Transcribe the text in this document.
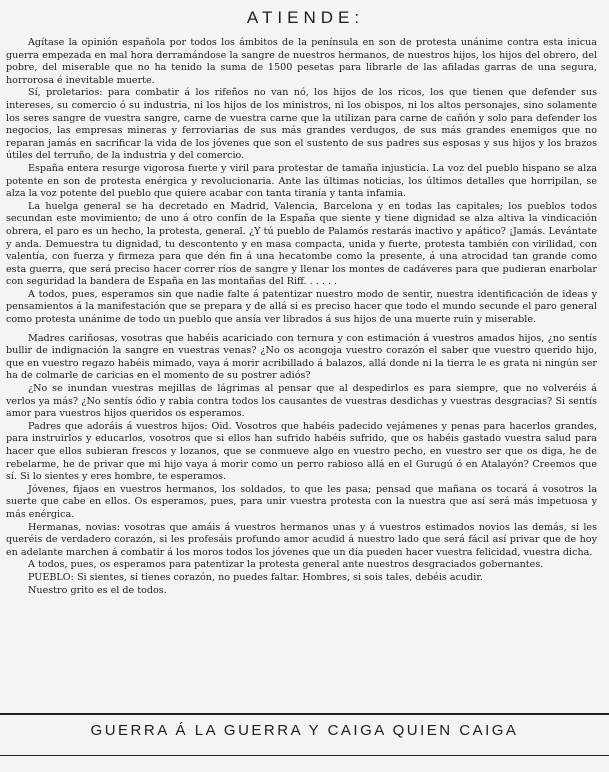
ATIENDE:

Agítase la opinión española por todos los ámbitos de la península en son de protesta unánime contra esta inicua guerra empezada en mal hora derramándose la sangre de nuestros hermanos, de nuestros hijos, los hijos del obrero, del pobre, del miserable que no ha tenido la suma de 1500 pesetas para librarle de las afiladas garras de una segura, horrorosa é inevitable muerte.

Sí, proletarios: para combatir á los rifeños no van nó, los hijos de los ricos, los que tienen que defender sus intereses, su comercio ó su industria, ni los hijos de los ministros, ni los obispos, ni los altos personajes, sino solamente los seres sangre de vuestra sangre, carne de vuestra carne que la utilizan para carne de cañón y solo para defender los negocios, las empresas mineras y ferroviarias de sus más grandes verdugos, de sus más grandes enemigos que no reparan jamás en sacrificar la vida de los jóvenes que son el sustento de sus padres sus esposas y sus hijos y los brazos útiles del terruño, de la industria y del comercio.

España entera resurge vigorosa fuerte y viril para protestar de tamaña injusticia. La voz del pueblo hispano se alza potente en son de protesta enérgica y revolucionaria. Ante las últimas noticias, los últimos detalles que horripilan, se alza la voz potente del pueblo que quiere acabar con tanta tiranía y tanta infamia.

La huelga general se ha decretado en Madrid, Valencia, Barcelona y en todas las capitales; los pueblos todos secundan este movimiento; de uno á otro confín de la España que siente y tiene dignidad se alza altiva la vindicación obrera, el paro es un hecho, la protesta, general. ¿Y tú pueblo de Palamós restarás inactivo y apático? ¡Jamás. Levántate y anda. Demuestra tu dignidad, tu descontento y en masa compacta, unida y fuerte, protesta también con virilidad, con valentía, con fuerza y firmeza para que dén fin á una hecatombe como la presente, á una atrocidad tan grande como esta guerra, que será preciso hacer correr ríos de sangre y llenar los montes de cadáveres para que pudieran enarbolar con seguridad la bandera de España en las montañas del Riff. . . . . .

A todos, pues, esperamos sin que nadie falte á patentizar nuestro modo de sentir, nuestra identificación de ideas y pensamientos á la manifestación que se prepara y de allá si es preciso hacer que todo el mundo secunde el paro general como protesta unánime de todo un pueblo que ansía ver librados á sus hijos de una muerte ruin y miserable.

Madres cariñosas, vosotras que habéis acariciado con ternura y con estimación á vuestros amados hijos, ¿no sentís bullir de indignación la sangre en vuestras venas? ¿No os acongoja vuestro corazón el saber que vuestro querido hijo, que en vuestro regazo habéis mimado, vaya á morir acribillado á balazos, allá donde ni la tierra le es grata ni ningún ser ha de colmarle de caricias en el momento de su postrer adiós?

¿No se inundan vuestras mejillas de lágrimas al pensar que al despedirlos es para siempre, que no volveréis á verlos ya más? ¿No sentís ódio y rabia contra todos los causantes de vuestras desdichas y vuestras desgracias? Si sentís amor para vuestros hijos queridos os esperamos.

Padres que adoráis á vuestros hijos: Oid. Vosotros que habéis padecido vejámenes y penas para hacerlos grandes, para instruirlos y educarlos, vosotros que si ellos han sufrido habéis sufrido, que os habéis gastado vuestra salud para hacer que ellos subieran frescos y lozanos, que se conmueve algo en vuestro pecho, en vuestro ser que os diga, he de rebelarme, he de privar que mi hijo vaya á morir como un perro rabioso allá en el Gurugú ó en Atalayón? Creemos que sí. Si lo sientes y eres hombre, te esperamos.

Jóvenes, fijaos en vuestros hermanos, los soldados, to que les pasa; pensad que mañana os tocará á vosotros la suerte que cabe en ellos. Os esperamos, pues, para unir vuestra protesta con la nuestra que así será más impetuosa y más enérgica.

Hermanas, novias: vosotras que amáis á vuestros hermanos unas y á vuestros estimados novios las demás, si les queréis de verdadero corazón, si les profesáis profundo amor acudid á nuestro lado que será fácil así privar que de hoy en adelante marchen á combatir á los moros todos los jóvenes que un día pueden hacer vuestra felicidad, vuestra dicha.

A todos, pues, os esperamos para patentizar la protesta general ante nuestros desgraciados gobernantes.

PUEBLO: Si sientes, si tienes corazón, no puedes faltar. Hombres, si sois tales, debéis acudir.

Nuestro grito es el de todos.

GUERRA Á LA GUERRA Y CAIGA QUIEN CAIGA
